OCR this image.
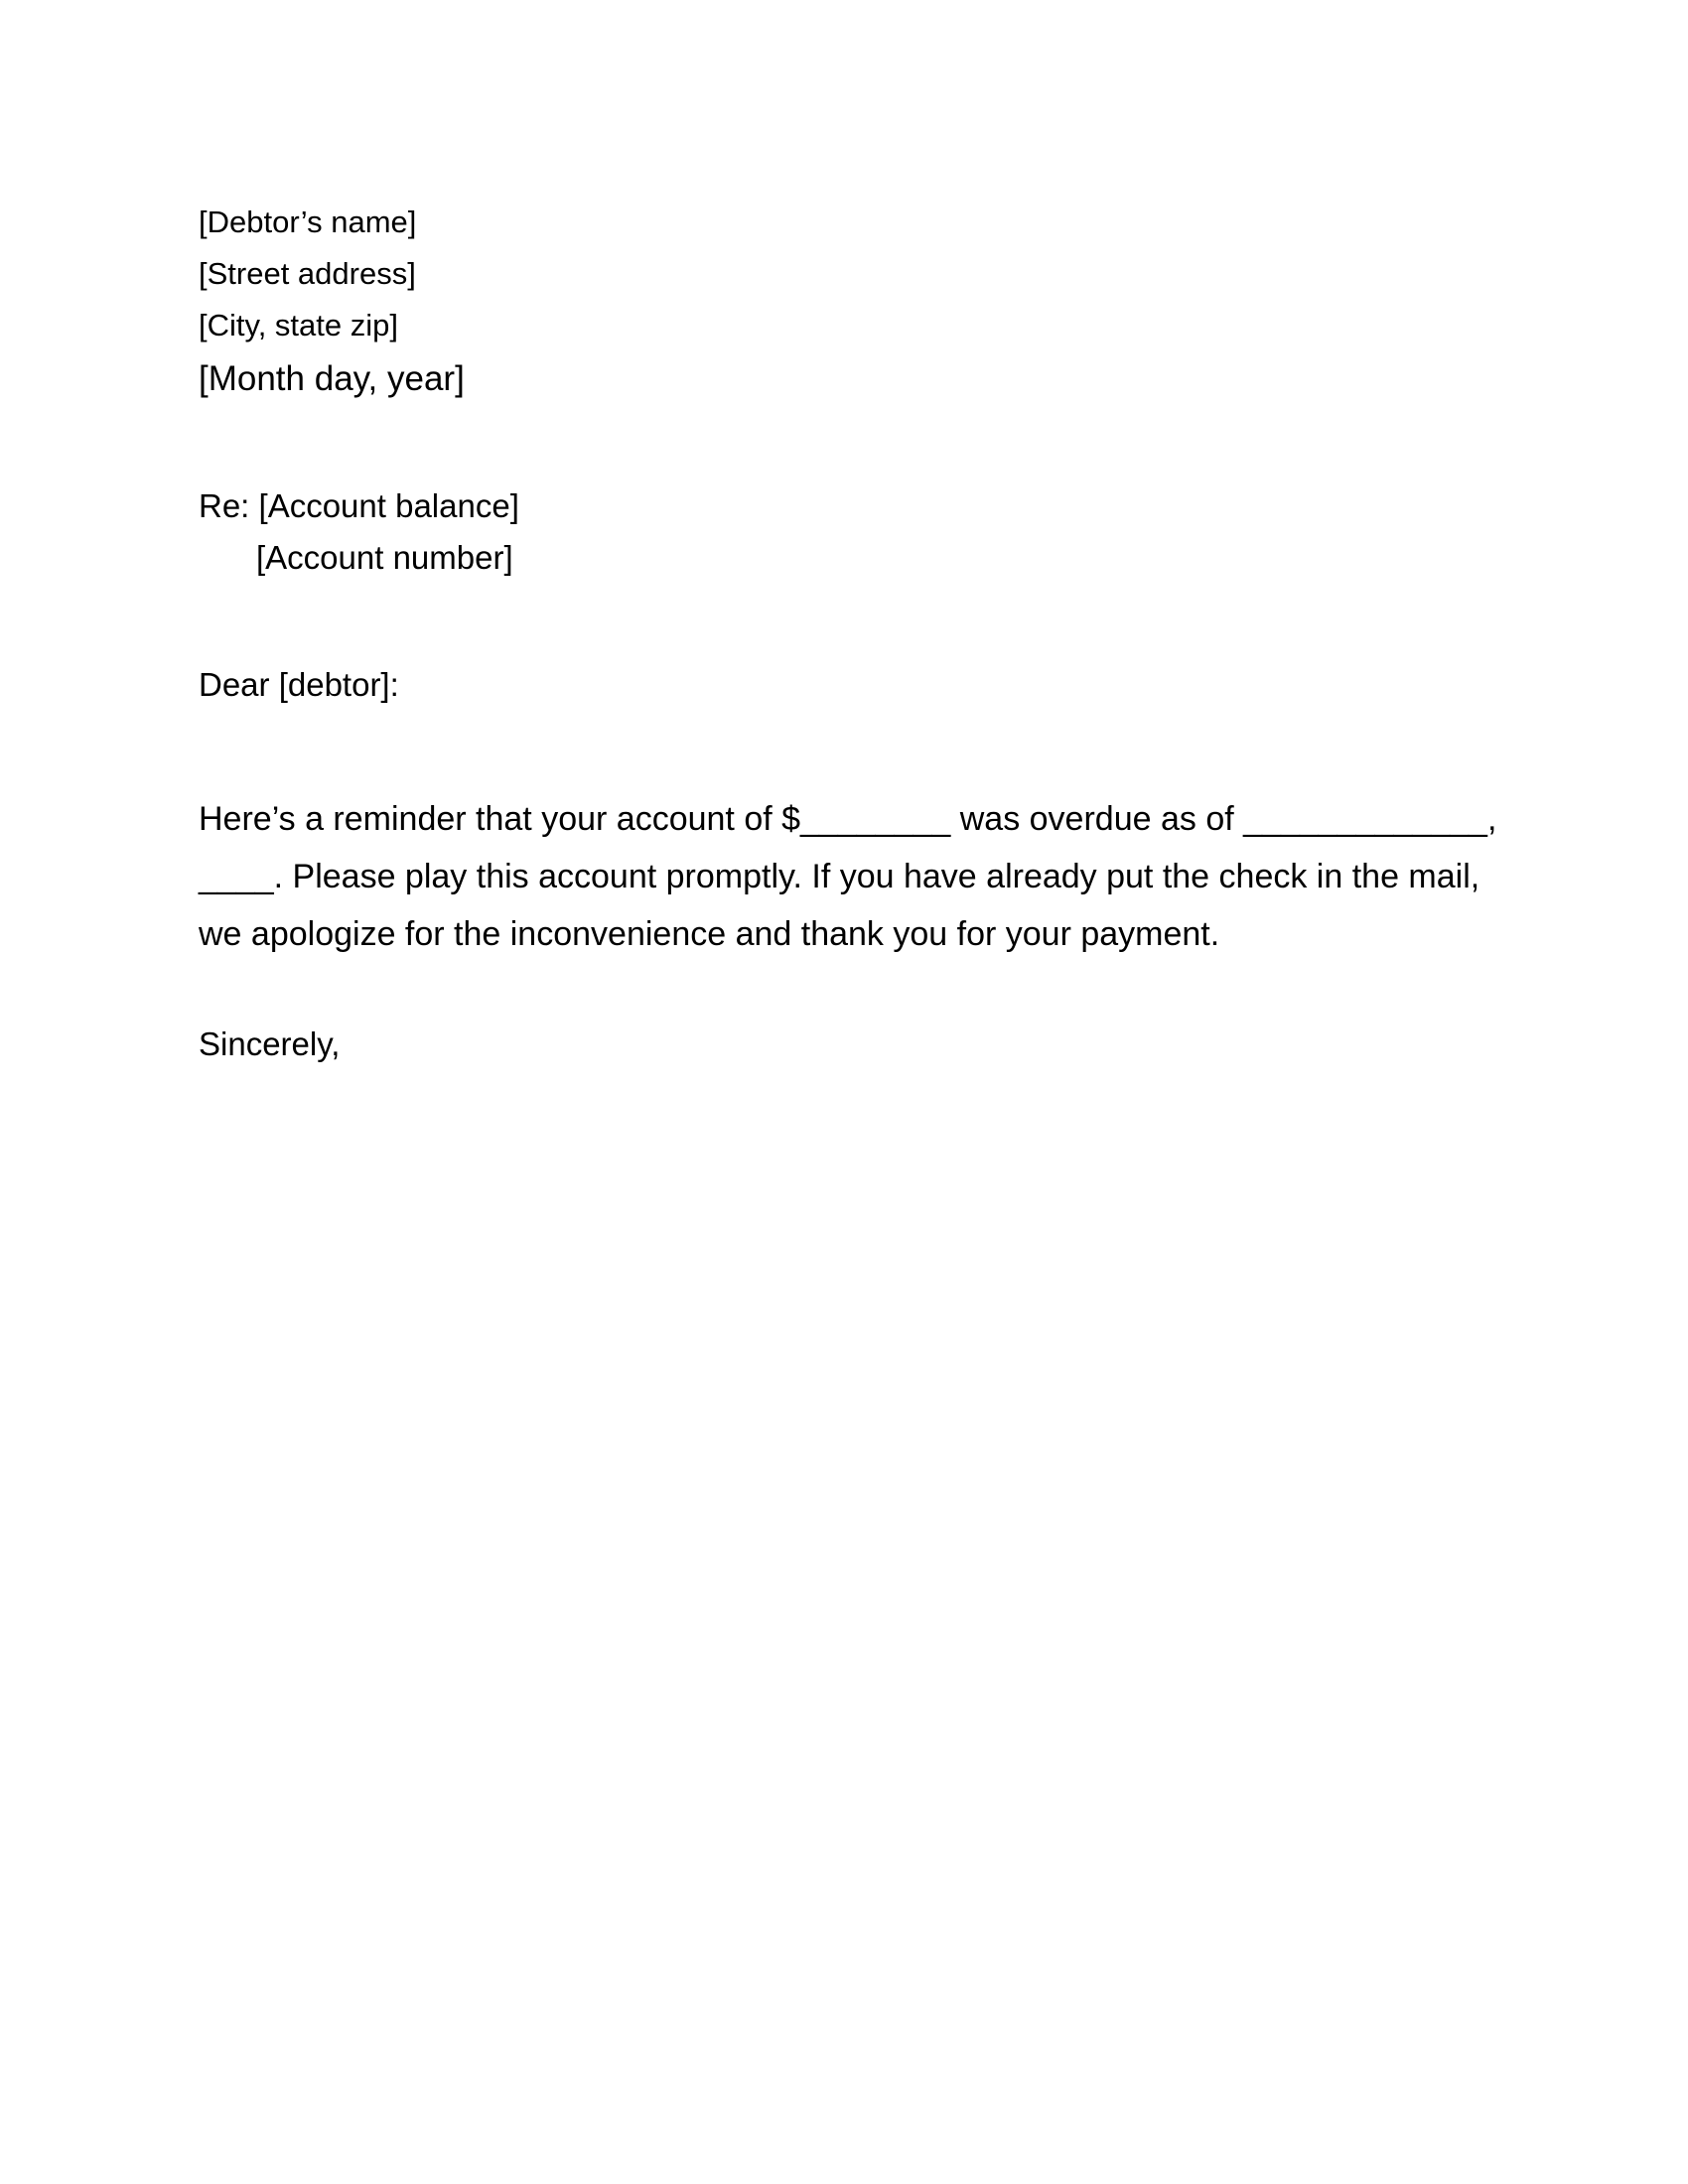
[Debtor’s name]
[Street address]
[City, state zip]
[Month day, year]
Re: [Account balance]
[Account number]
Dear [debtor]:
Here’s a reminder that your account of $________ was overdue as of _____________,
____. Please play this account promptly. If you have already put the check in the mail,
we apologize for the inconvenience and thank you for your payment.
Sincerely,
